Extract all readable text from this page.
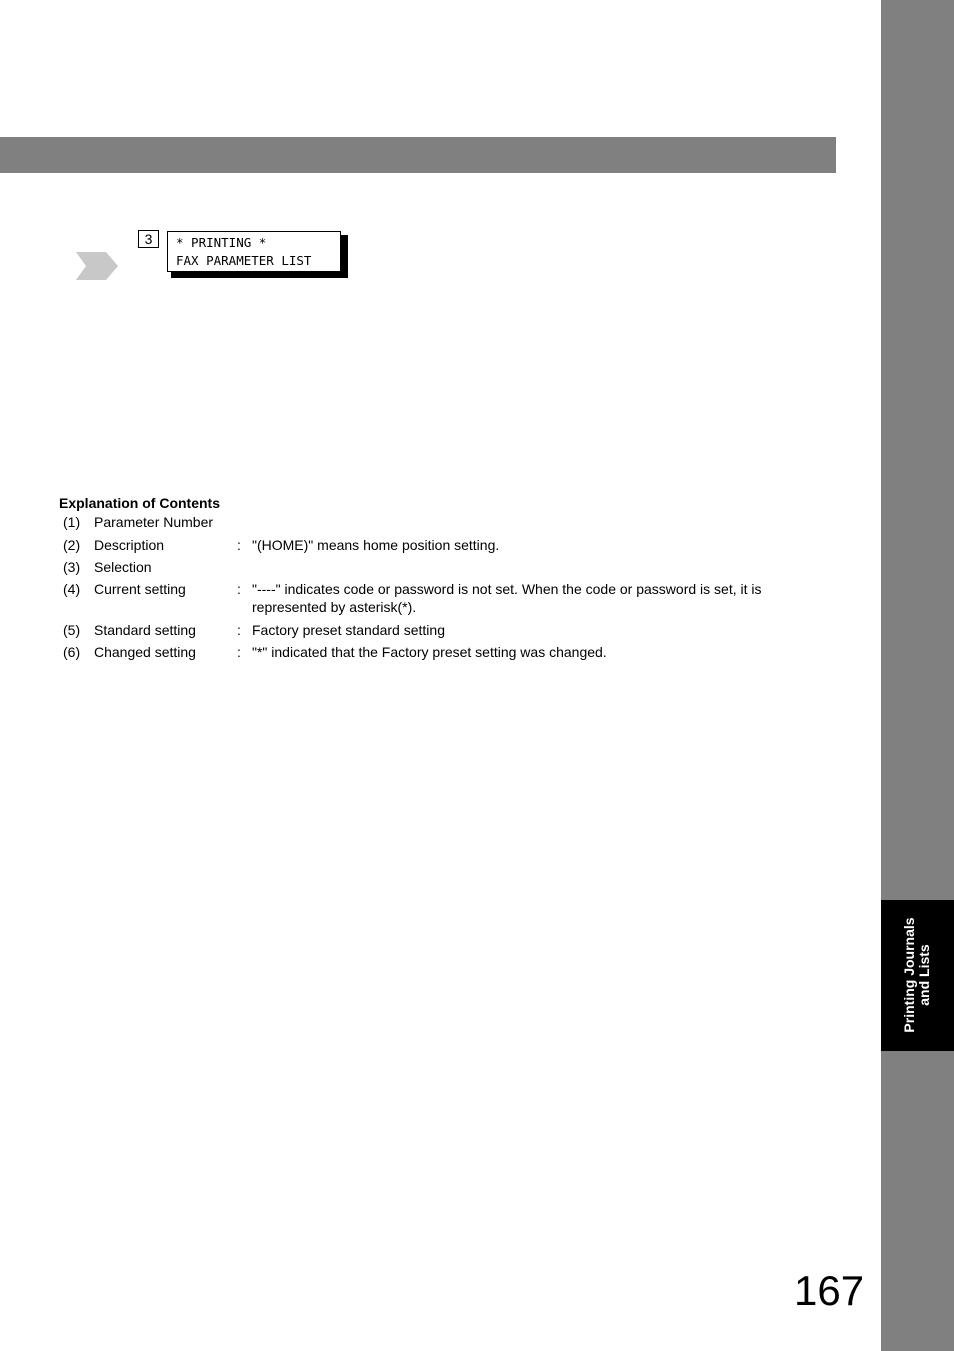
Printing Journals and Lists
3	* PRINTING *
FAX PARAMETER LIST
Explanation of Contents
(1) Parameter Number
(2) Description	: "(HOME)" means home position setting.
(3) Selection
(4) Current setting	: "----" indicates code or password is not set. When the code or password is set, it is represented by asterisk(*).
(5) Standard setting	: Factory preset standard setting
(6) Changed setting	: "*" indicated that the Factory preset setting was changed.
167
